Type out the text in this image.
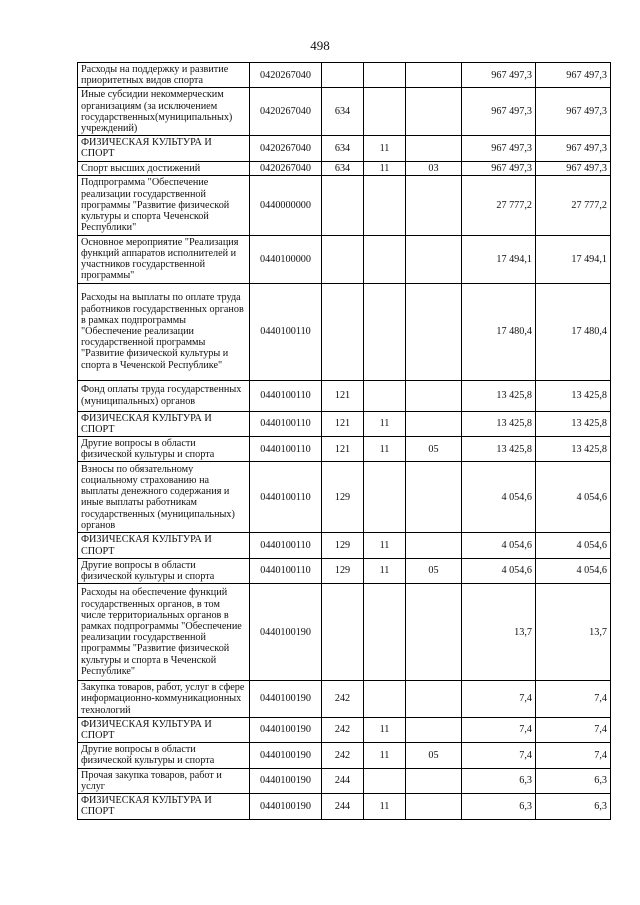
498
Расходы на поддержку и развитие приоритетных видов спорта	0420267040				967 497,3	967 497,3
Иные субсидии некоммерческим организациям (за исключением государственных(муниципальных) учреждений)	0420267040	634			967 497,3	967 497,3
ФИЗИЧЕСКАЯ КУЛЬТУРА И СПОРТ	0420267040	634	11		967 497,3	967 497,3
Спорт высших достижений	0420267040	634	11	03	967 497,3	967 497,3
Подпрограмма "Обеспечение реализации государственной программы "Развитие физической культуры и спорта Чеченской Республики"	0440000000				27 777,2	27 777,2
Основное мероприятие "Реализация функций аппаратов исполнителей и участников государственной программы"	0440100000				17 494,1	17 494,1
Расходы на выплаты по оплате труда работников государственных органов в рамках подпрограммы "Обеспечение реализации государственной программы "Развитие физической культуры и спорта в Чеченской Республике"	0440100110				17 480,4	17 480,4
Фонд оплаты труда государственных (муниципальных) органов	0440100110	121			13 425,8	13 425,8
ФИЗИЧЕСКАЯ КУЛЬТУРА И СПОРТ	0440100110	121	11		13 425,8	13 425,8
Другие вопросы в области физической культуры и спорта	0440100110	121	11	05	13 425,8	13 425,8
Взносы по обязательному социальному страхованию на выплаты денежного содержания и иные выплаты работникам государственных (муниципальных) органов	0440100110	129			4 054,6	4 054,6
ФИЗИЧЕСКАЯ КУЛЬТУРА И СПОРТ	0440100110	129	11		4 054,6	4 054,6
Другие вопросы в области физической культуры и спорта	0440100110	129	11	05	4 054,6	4 054,6
Расходы на обеспечение функций государственных органов, в том числе территориальных органов в рамках подпрограммы "Обеспечение реализации государственной программы "Развитие физической культуры и спорта в Чеченской Республике"	0440100190				13,7	13,7
Закупка товаров, работ, услуг в сфере информационно-коммуникационных технологий	0440100190	242			7,4	7,4
ФИЗИЧЕСКАЯ КУЛЬТУРА И СПОРТ	0440100190	242	11		7,4	7,4
Другие вопросы в области физической культуры и спорта	0440100190	242	11	05	7,4	7,4
Прочая закупка товаров, работ и услуг	0440100190	244			6,3	6,3
ФИЗИЧЕСКАЯ КУЛЬТУРА И СПОРТ	0440100190	244	11		6,3	6,3
